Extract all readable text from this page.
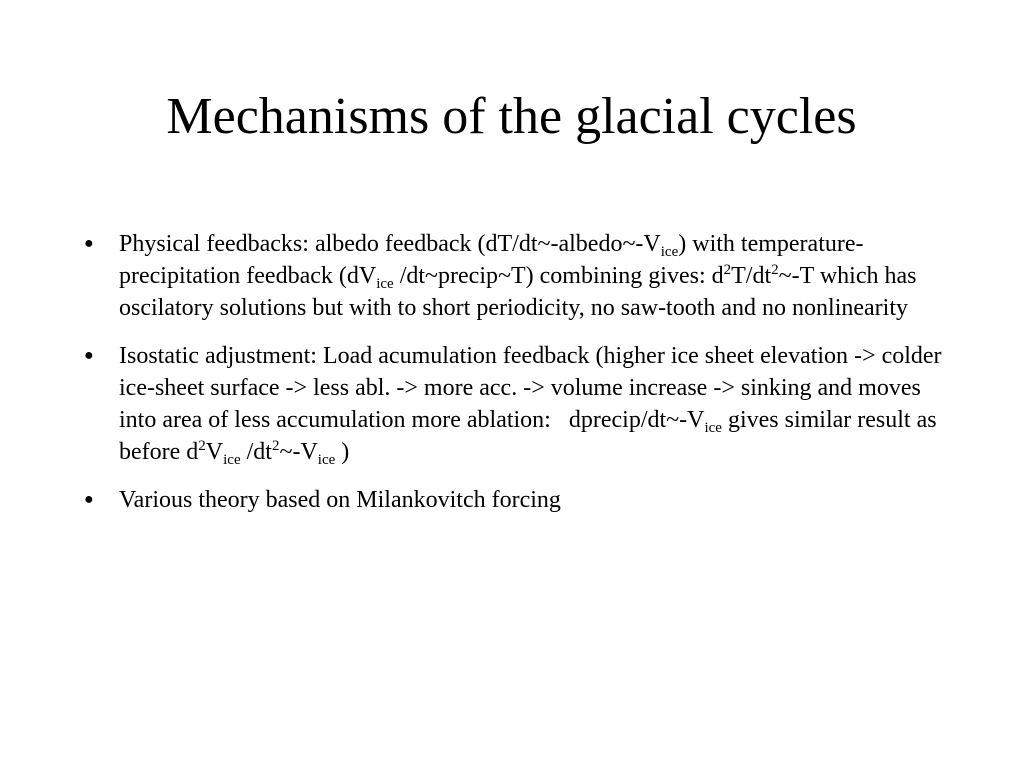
Mechanisms of the glacial cycles
● Physical feedbacks: albedo feedback $(dT/dt\sim-albedo\sim-V_{ice})$ with temperature-precipitation feedback ($dV_{ice}$ /dt~precip~T) combining gives: $d^2T/dt^2\sim-T$ which has oscilatory solutions but with to short periodicity, no saw-tooth and no nonlinearity
● Isostatic adjustment: Load acumulation feedback (higher ice sheet elevation -> colder ice-sheet surface -> less abl. -> more acc. -> volume increase -> sinking and moves into area of less accumulation more ablation:   dprecip/$dt\sim-V_{ice}$ gives similar result as before $d^2V_{ice}$ $/dt^2\sim-V_{ice}$ )
● Various theory based on Milankovitch forcing
